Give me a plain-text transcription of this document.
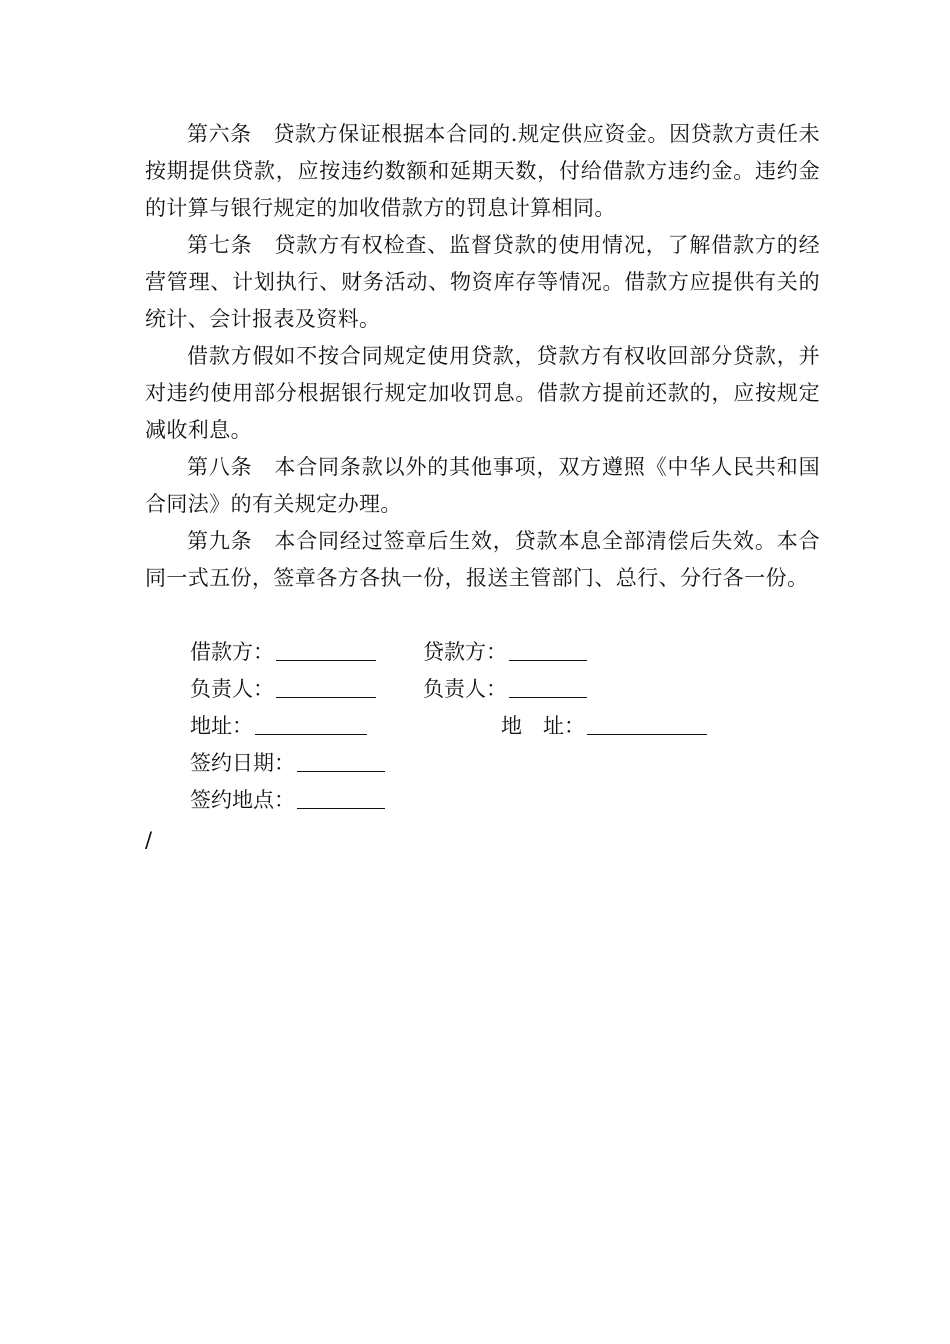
第六条　贷款方保证根据本合同的.规定供应资金。因贷款方责任未按期提供贷款，应按违约数额和延期天数，付给借款方违约金。违约金的计算与银行规定的加收借款方的罚息计算相同。

第七条　贷款方有权检查、监督贷款的使用情况，了解借款方的经营管理、计划执行、财务活动、物资库存等情况。借款方应提供有关的统计、会计报表及资料。

借款方假如不按合同规定使用贷款，贷款方有权收回部分贷款，并对违约使用部分根据银行规定加收罚息。借款方提前还款的，应按规定减收利息。

第八条　本合同条款以外的其他事项，双方遵照《中华人民共和国合同法》的有关规定办理。

第九条　本合同经过签章后生效，贷款本息全部清偿后失效。本合同一式五份，签章各方各执一份，报送主管部门、总行、分行各一份。

借款方：	贷款方：
负责人：	负责人：
地址：	地　址：
签约日期：
签约地点：
/
